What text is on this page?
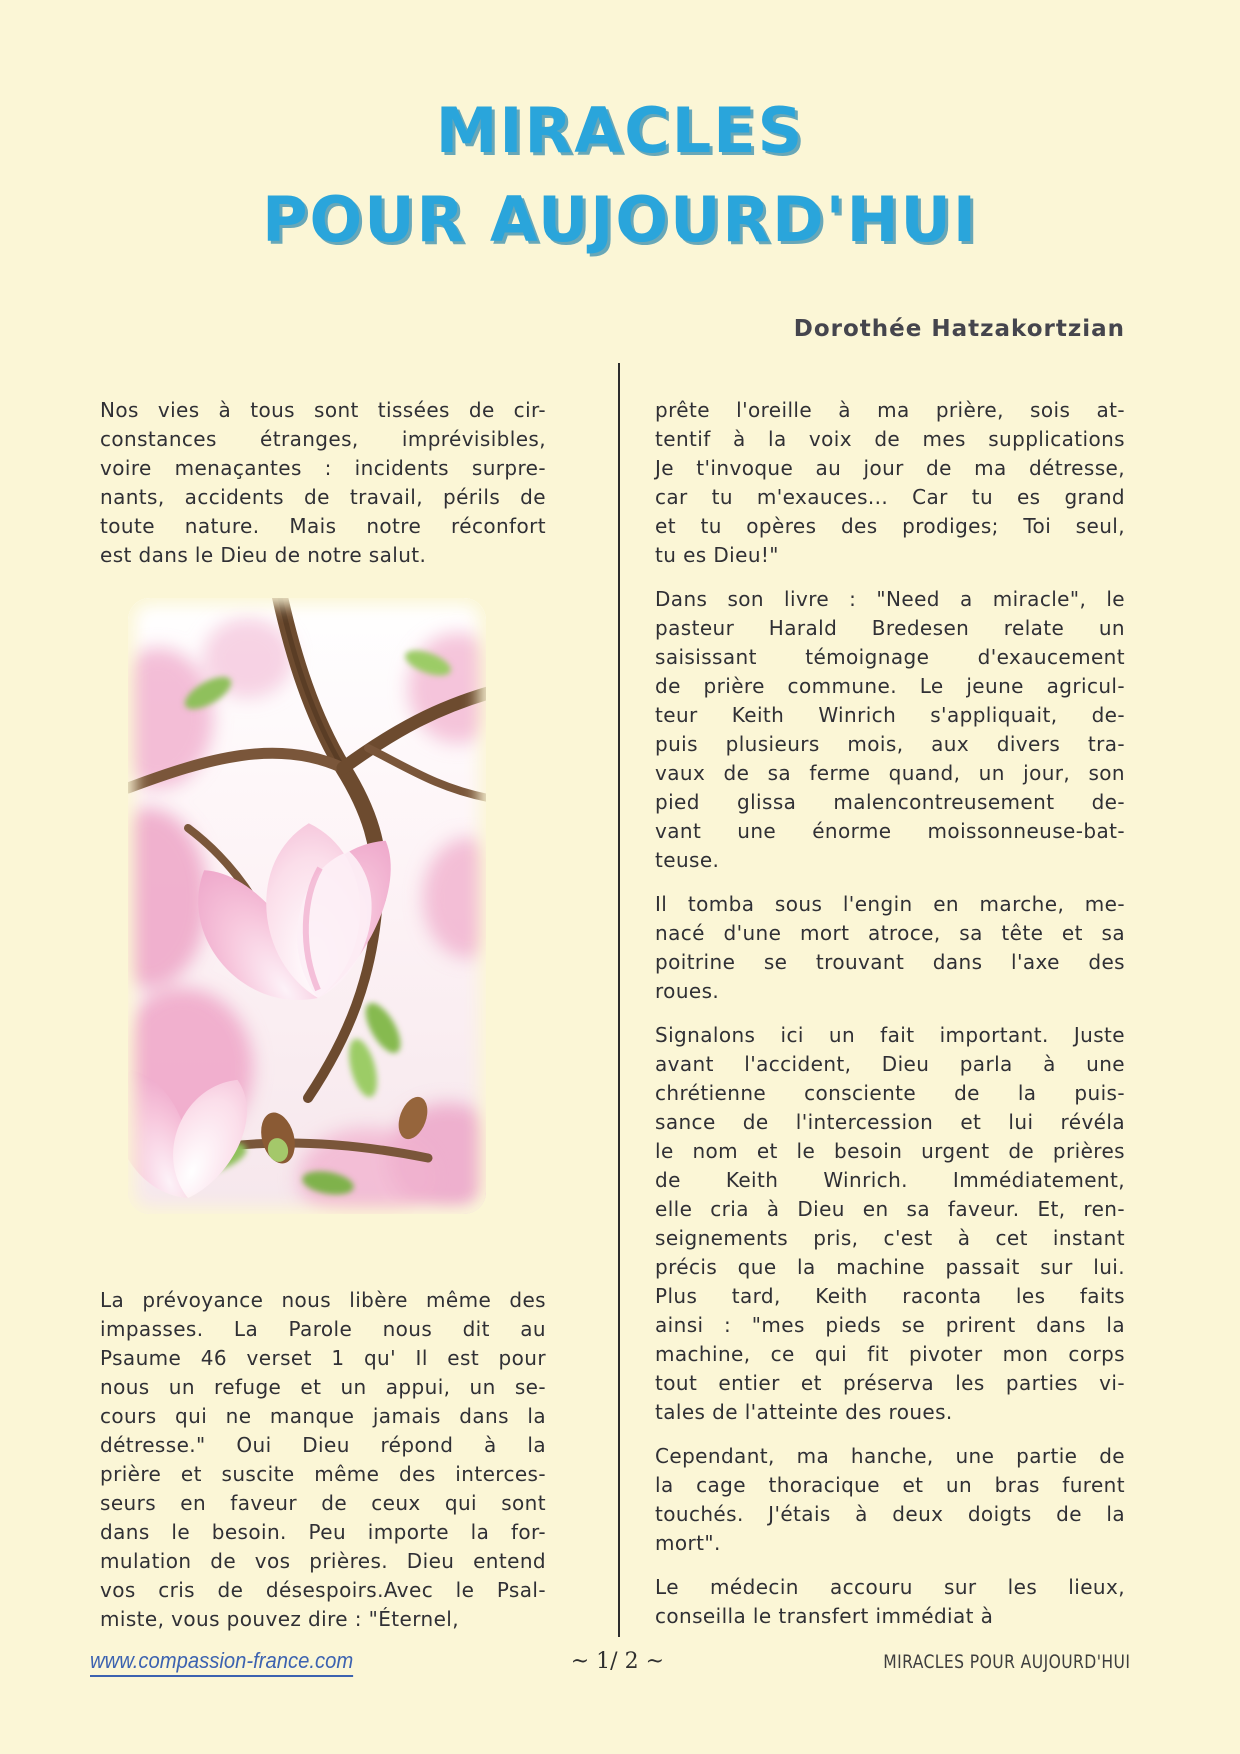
MIRACLES
POUR AUJOURD'HUI
Dorothée Hatzakortzian
Nos vies à tous sont tissées de cir-
constances étranges, imprévisibles,
voire menaçantes : incidents surpre-
nants, accidents de travail, périls de
toute nature. Mais notre réconfort
est dans le Dieu de notre salut.
La prévoyance nous libère même des
impasses. La Parole nous dit au
Psaume 46 verset 1 qu' Il est pour
nous un refuge et un appui, un se-
cours qui ne manque jamais dans la
détresse." Oui Dieu répond à la
prière et suscite même des interces-
seurs en faveur de ceux qui sont
dans le besoin. Peu importe la for-
mulation de vos prières. Dieu entend
vos cris de désespoirs.Avec le Psal-
miste, vous pouvez dire : "Éternel,
prête l'oreille à ma prière, sois at-
tentif à la voix de mes supplications
Je t'invoque au jour de ma détresse,
car tu m'exauces... Car tu es grand
et tu opères des prodiges; Toi seul,
tu es Dieu!"
Dans son livre : "Need a miracle", le
pasteur Harald Bredesen relate un
saisissant témoignage d'exaucement
de prière commune. Le jeune agricul-
teur Keith Winrich s'appliquait, de-
puis plusieurs mois, aux divers tra-
vaux de sa ferme quand, un jour, son
pied glissa malencontreusement de-
vant une énorme moissonneuse-bat-
teuse.
Il tomba sous l'engin en marche, me-
nacé d'une mort atroce, sa tête et sa
poitrine se trouvant dans l'axe des
roues.
Signalons ici un fait important. Juste
avant l'accident, Dieu parla à une
chrétienne consciente de la puis-
sance de l'intercession et lui révéla
le nom et le besoin urgent de prières
de Keith Winrich. Immédiatement,
elle cria à Dieu en sa faveur. Et, ren-
seignements pris, c'est à cet instant
précis que la machine passait sur lui.
Plus tard, Keith raconta les faits
ainsi : "mes pieds se prirent dans la
machine, ce qui fit pivoter mon corps
tout entier et préserva les parties vi-
tales de l'atteinte des roues.
Cependant, ma hanche, une partie de
la cage thoracique et un bras furent
touchés. J'étais à deux doigts de la
mort".
Le médecin accouru sur les lieux,
conseilla le transfert immédiat à
www.compassion-france.com	~ 1/ 2 ~	MIRACLES POUR AUJOURD'HUI
